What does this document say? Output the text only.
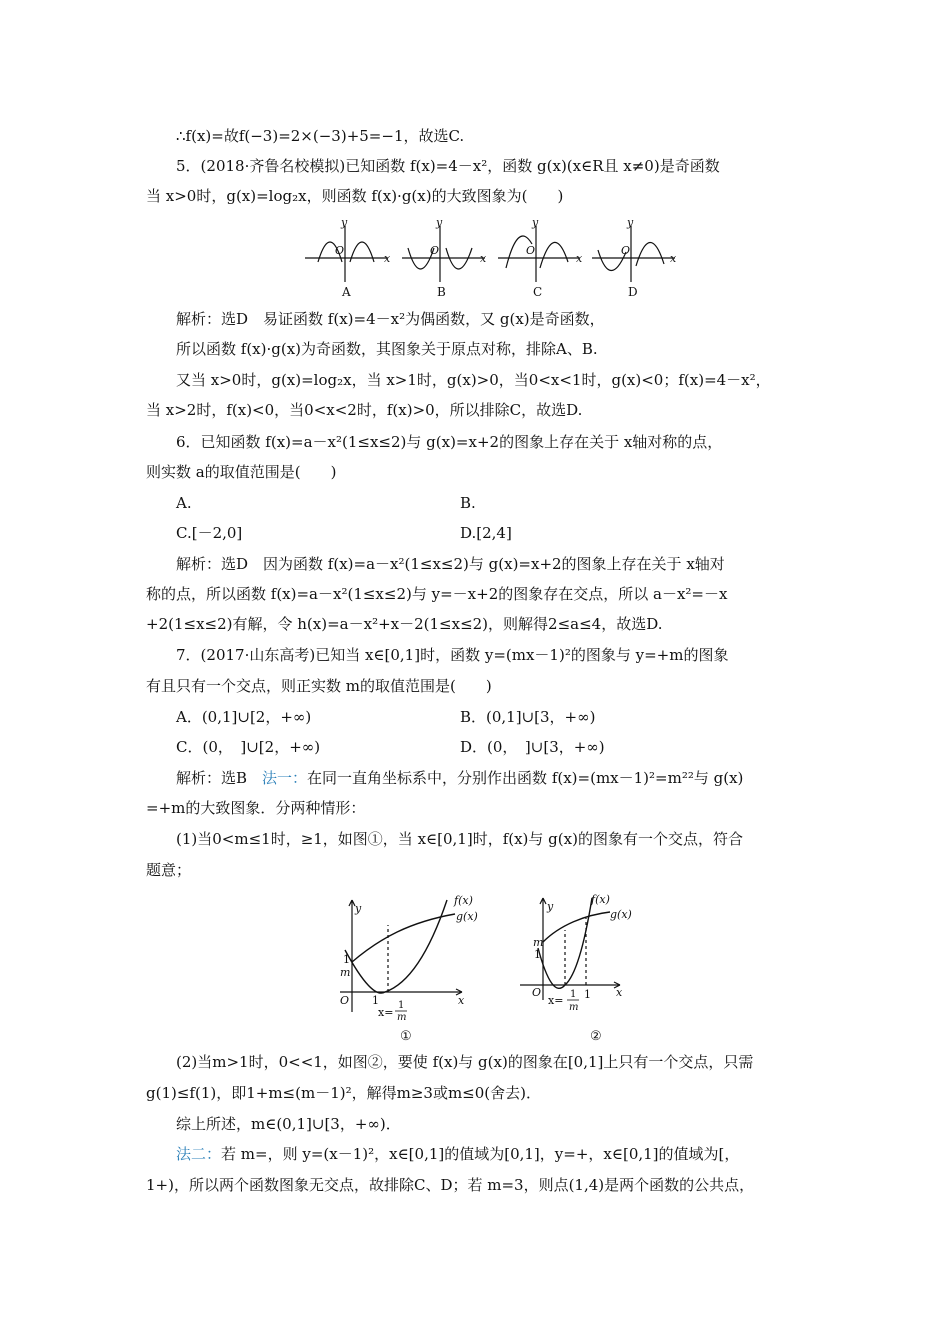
∴f(x)=故f(−3)=2×(−3)+5=−1，故选C.
5．(2018·齐鲁名校模拟)已知函数 f(x)=4－x²，函数 g(x)(x∈R且 x≠0)是奇函数
当 x>0时，g(x)=log₂x，则函数 f(x)·g(x)的大致图象为(　　)
y
x
O
y
x
O
y
x
O
y
x
O
A	B	C	D
解析：选D　易证函数 f(x)=4－x²为偶函数，又 g(x)是奇函数，
所以函数 f(x)·g(x)为奇函数，其图象关于原点对称，排除A、B.
又当 x>0时，g(x)=log₂x，当 x>1时，g(x)>0，当0<x<1时，g(x)<0；f(x)=4－x²，
当 x>2时，f(x)<0，当0<x<2时，f(x)>0，所以排除C，故选D.
6．已知函数 f(x)=a－x²(1≤x≤2)与 g(x)=x+2的图象上存在关于 x轴对称的点，
则实数 a的取值范围是(　　)
A.	B.
C.[－2,0]	D.[2,4]
解析：选D　因为函数 f(x)=a－x²(1≤x≤2)与 g(x)=x+2的图象上存在关于 x轴对
称的点，所以函数 f(x)=a－x²(1≤x≤2)与 y=－x+2的图象存在交点，所以 a－x²=－x
+2(1≤x≤2)有解，令 h(x)=a－x²+x－2(1≤x≤2)，则解得2≤a≤4，故选D.
7．(2017·山东高考)已知当 x∈[0,1]时，函数 y=(mx－1)²的图象与 y=+m的图象
有且只有一个交点，则正实数 m的取值范围是(　　)
A．(0,1]∪[2，+∞)	B．(0,1]∪[3，+∞)
C．(0，　]∪[2，+∞)	D．(0，　]∪[3，+∞)
解析：选B　法一：在同一直角坐标系中，分别作出函数 f(x)=(mx－1)²=m²²与 g(x)
=+m的大致图象．分两种情形：
(1)当0<m≤1时，≥1，如图①，当 x∈[0,1]时，f(x)与 g(x)的图象有一个交点，符合
题意；
f(x)
g(x)
y
x
O
1
m
1
x=
1
m
①
f(x)
g(x)
y
x
O
m
1
1
x= 1
m
②
(2)当m>1时，0<<1，如图②，要使 f(x)与 g(x)的图象在[0,1]上只有一个交点，只需
g(1)≤f(1)，即1+m≤(m－1)²，解得m≥3或m≤0(舍去)．
综上所述，m∈(0,1]∪[3，+∞)．
法二：若 m=，则 y=(x－1)²，x∈[0,1]的值域为[0,1]，y=+，x∈[0,1]的值域为[，
1+)，所以两个函数图象无交点，故排除C、D；若 m=3，则点(1,4)是两个函数的公共点，
